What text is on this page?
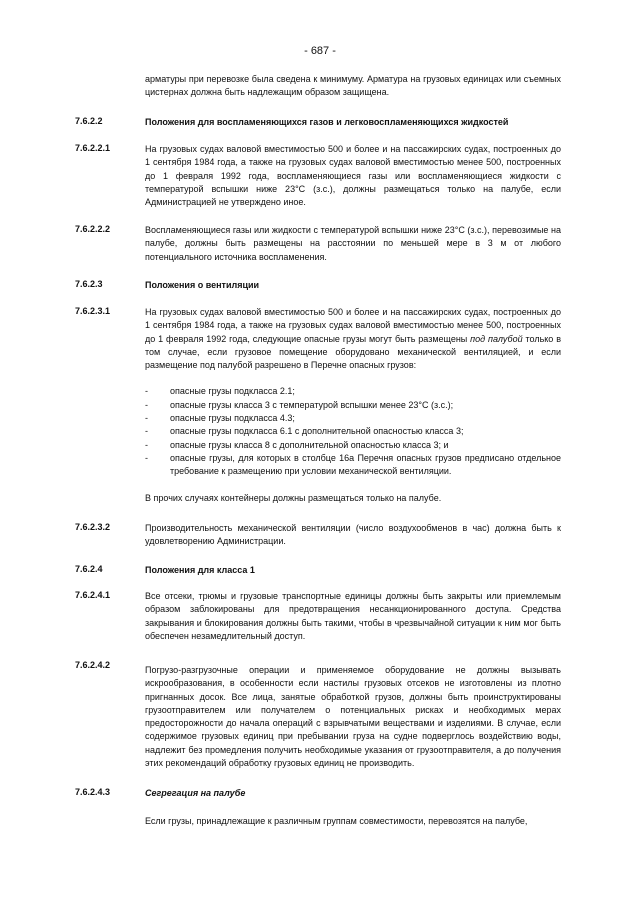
- 687 -
арматуры при перевозке была сведена к минимуму. Арматура на грузовых единицах или съемных цистернах должна быть надлежащим образом защищена.
7.6.2.2	Положения для воспламеняющихся газов и легковоспламеняющихся жидкостей
7.6.2.2.1	На грузовых судах валовой вместимостью 500 и более и на пассажирских судах, построенных до 1 сентября 1984 года, а также на грузовых судах валовой вместимостью менее 500, построенных до 1 февраля 1992 года, воспламеняющиеся газы или воспламеняющиеся жидкости с температурой вспышки ниже 23°C (з.с.), должны размещаться только на палубе, если Администрацией не утверждено иное.
7.6.2.2.2	Воспламеняющиеся газы или жидкости с температурой вспышки ниже 23°C (з.с.), перевозимые на палубе, должны быть размещены на расстоянии по меньшей мере в 3 м от любого потенциального источника воспламенения.
7.6.2.3	Положения о вентиляции
7.6.2.3.1	На грузовых судах валовой вместимостью 500 и более и на пассажирских судах, построенных до 1 сентября 1984 года, а также на грузовых судах валовой вместимостью менее 500, построенных до 1 февраля 1992 года, следующие опасные грузы могут быть размещены под палубой только в том случае, если грузовое помещение оборудовано механической вентиляцией, и если размещение под палубой разрешено в Перечне опасных грузов:
- опасные грузы подкласса 2.1;
- опасные грузы класса 3 с температурой вспышки менее 23°C (з.с.);
- опасные грузы подкласса 4.3;
- опасные грузы подкласса 6.1 с дополнительной опасностью класса 3;
- опасные грузы класса 8 с дополнительной опасностью класса 3; и
- опасные грузы, для которых в столбце 16a Перечня опасных грузов предписано отдельное требование к размещению при условии механической вентиляции.
В прочих случаях контейнеры должны размещаться только на палубе.
7.6.2.3.2	Производительность механической вентиляции (число воздухообменов в час) должна быть к удовлетворению Администрации.
7.6.2.4	Положения для класса 1
7.6.2.4.1	Все отсеки, трюмы и грузовые транспортные единицы должны быть закрыты или приемлемым образом заблокированы для предотвращения несанкционированного доступа. Средства закрывания и блокирования должны быть такими, чтобы в чрезвычайной ситуации к ним мог быть обеспечен незамедлительный доступ.
7.6.2.4.2	Погрузо-разгрузочные операции и применяемое оборудование не должны вызывать искрообразования, в особенности если настилы грузовых отсеков не изготовлены из плотно пригнанных досок. Все лица, занятые обработкой грузов, должны быть проинструктированы грузоотправителем или получателем о потенциальных рисках и необходимых мерах предосторожности до начала операций с взрывчатыми веществами и изделиями. В случае, если содержимое грузовых единиц при пребывании груза на судне подверглось воздействию воды, надлежит без промедления получить необходимые указания от грузоотправителя, а до получения этих рекомендаций обработку грузовых единиц не производить.
7.6.2.4.3	Сегрегация на палубе
Если грузы, принадлежащие к различным группам совместимости, перевозятся на палубе,
